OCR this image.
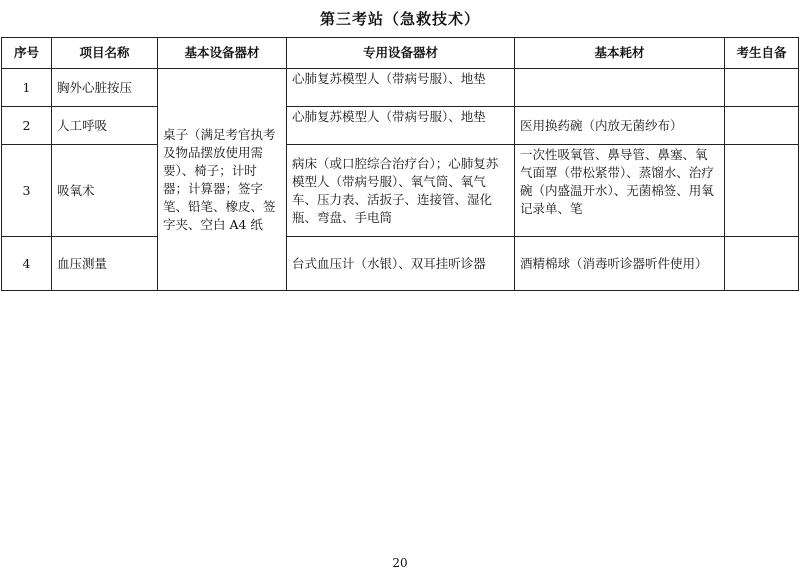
第三考站（急救技术）
序号	项目名称	基本设备器材	专用设备器材	基本耗材	考生自备
1	胸外心脏按压	桌子（满足考官执考及物品摆放使用需要）、椅子；计时器；计算器；签字笔、铅笔、橡皮、签字夹、空白 A4 纸	心肺复苏模型人（带病号服）、地垫		
2	人工呼吸		心肺复苏模型人（带病号服）、地垫	医用换药碗（内放无菌纱布）	
3	吸氧术		病床（或口腔综合治疗台）；心肺复苏模型人（带病号服）、氧气筒、氧气车、压力表、活扳子、连接管、湿化瓶、弯盘、手电筒	一次性吸氧管、鼻导管、鼻塞、氧气面罩（带松紧带）、蒸馏水、治疗碗（内盛温开水）、无菌棉签、用氧记录单、笔	
4	血压测量		台式血压计（水银）、双耳挂听诊器	酒精棉球（消毒听诊器听件使用）	
20
